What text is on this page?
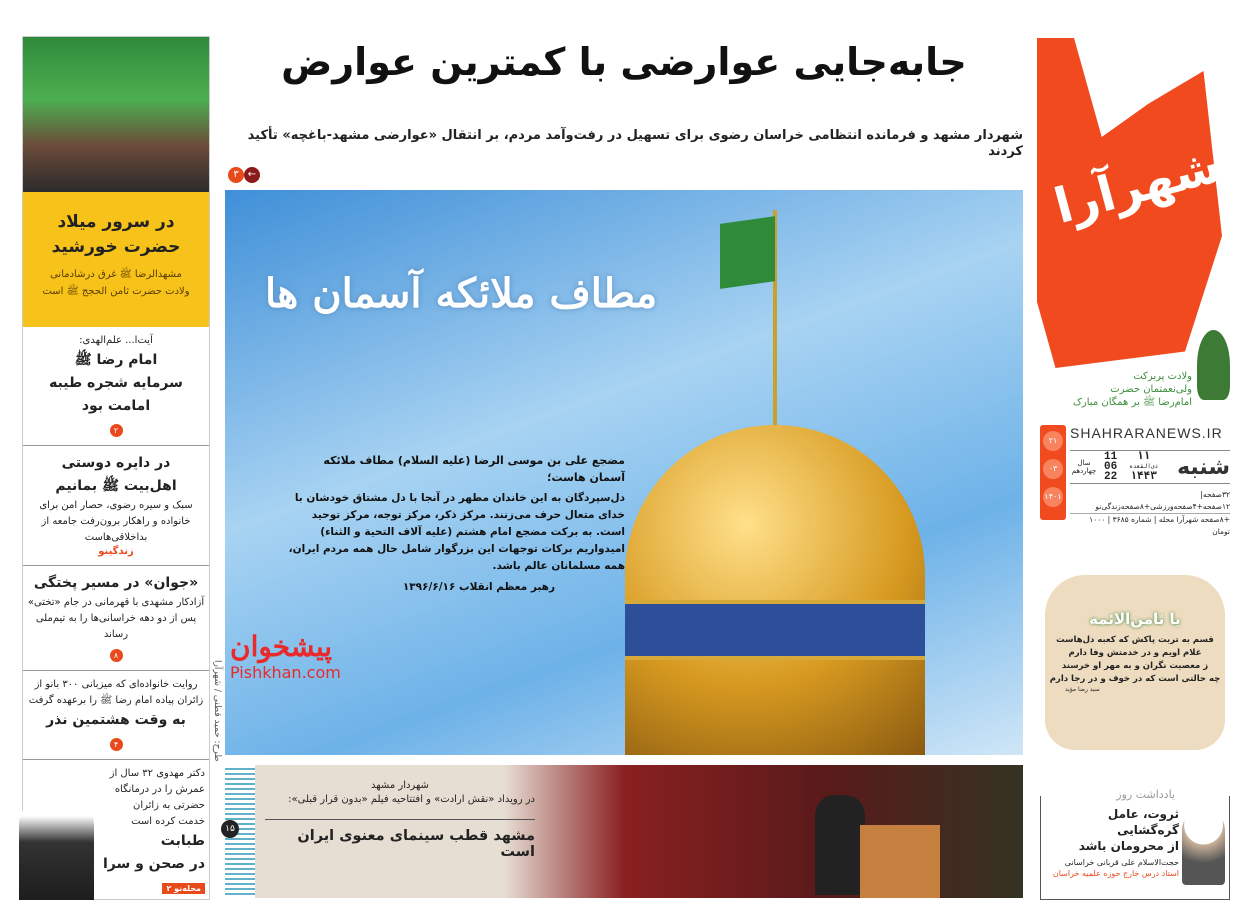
در سرور میلاد
حضرت خورشید

مشهدالرضا ﷺ غرق درشادمانی
ولادت حضرت ثامن الحجج ﷺ است

آیت‌ا... علم‌الهدی:
امام رضا ﷺ
سرمایه شجره طیبه امامت بود
۲
در دایره دوستی
اهل‌بیت ﷺ بمانیم

سبک و سیره رضوی، حصار امن برای خانواده و راهکار برون‌رفت جامعه از بداخلاقی‌هاست

زندگینو
«جوان» در مسیر پختگی

آزادکار مشهدی با قهرمانی در جام «تختی» پس از دو دهه خراسانی‌ها را به تیم‌ملی رساند

۸

روایت خانواده‌ای که میزبانی ۳۰۰ بانو از زائران پیاده امام رضا ﷺ را برعهده گرفت

به وقت هشتمین نذر
۴

دکتر مهدوی ۳۲ سال از عمرش را در درمانگاه حضرتی به زائران خدمت کرده است

طبابت
در صحن و سرا
محله‌نو ۲
طرح: حمید قطنی / شهرآرا
جابه‌جایی عوارضی با کمترین عوارض
شهردار مشهد و فرمانده انتظامی خراسان رضوی برای تسهیل در رفت‌وآمد مردم، بر انتقال «عوارضی مشهد-باغچه» تأکید کردند
۳ ←
مطاف ملائکه آسمان ها
مضجع علی بن موسی الرضا (علیه السلام) مطاف ملائکه آسمان هاست؛
دل‌سپردگان به این خاندان مطهر در آنجا با دل مشتاق خودشان با خدای متعال حرف می‌زنند. مرکز ذکر، مرکز توجه، مرکز توحید است. به برکت مضجع امام هشتم (علیه آلاف التحیة و الثناء) امیدواریم برکات توجهات این بزرگوار شامل حال همه مردم ایران، همه مسلمانان عالم باشد.
رهبر معظم انقلاب ۱۳۹۶/۶/۱۶
پیشخوان
Pishkhan.com
۱۵
شهردار مشهد
در رویداد «نقش ارادت» و افتتاحیه فیلم «بدون قرار قبلی»:
مشهد قطب سینمای معنوی ایران است
شهرآرا
ولادت پربرکت
ولی‌نعمتمان حضرت
امام‌رضا ﷺ بر همگان مبارک
۲۱
۰۳
۱۴۰۱
SHAHRARANEWS.IR
سال چهاردهم
11
06
22
۱۱
ذی‌القعده
۱۴۴۳ شنبه
۳۲صفحه‌|۱۲صفحه‌+۴صفحه‌ورزشی‌+۸صفحه‌زندگی‌نو
+۸صفحه شهرآرا محله | شماره ۳۶۸۵ | ۱۰۰۰ تومان
یا ثامن‌الائمه
قسم به تربت پاکش که کعبه دل‌هاست
غلام اویم و در خدمتش وفا دارم
ز معصیت نگران و به مهر او خرسند
چه حالتی است که در خوف و در رجا دارم
سید رضا مؤید
یادداشت روز
ثروت، عامل گره‌گشایی
از محرومان باشد
حجت‌الاسلام علی قربانی خراسانی
استاد درس خارج حوزه علمیه خراسان
